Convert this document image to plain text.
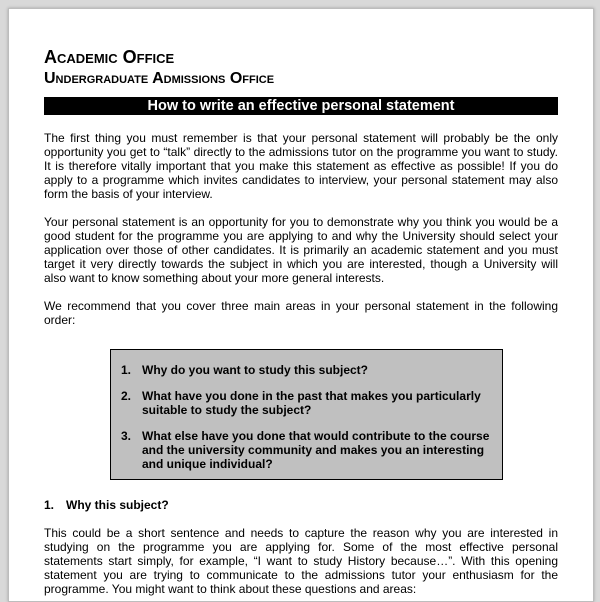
Academic Office
Undergraduate Admissions Office
How to write an effective personal statement

The first thing you must remember is that your personal statement will probably be the only opportunity you get to “talk” directly to the admissions tutor on the programme you want to study. It is therefore vitally important that you make this statement as effective as possible! If you do apply to a programme which invites candidates to interview, your personal statement may also form the basis of your interview.

Your personal statement is an opportunity for you to demonstrate why you think you would be a good student for the programme you are applying to and why the University should select your application over those of other candidates. It is primarily an academic statement and you must target it very directly towards the subject in which you are interested, though a University will also want to know something about your more general interests.

We recommend that you cover three main areas in your personal statement in the following order:

1. Why do you want to study this subject?
2. What have you done in the past that makes you particularly suitable to study the subject?
3. What else have you done that would contribute to the course and the university community and makes you an interesting and unique individual?
1. Why this subject?

This could be a short sentence and needs to capture the reason why you are interested in studying on the programme you are applying for. Some of the most effective personal statements start simply, for example, “I want to study History because…”. With this opening statement you are trying to communicate to the admissions tutor your enthusiasm for the programme. You might want to think about these questions and areas:
